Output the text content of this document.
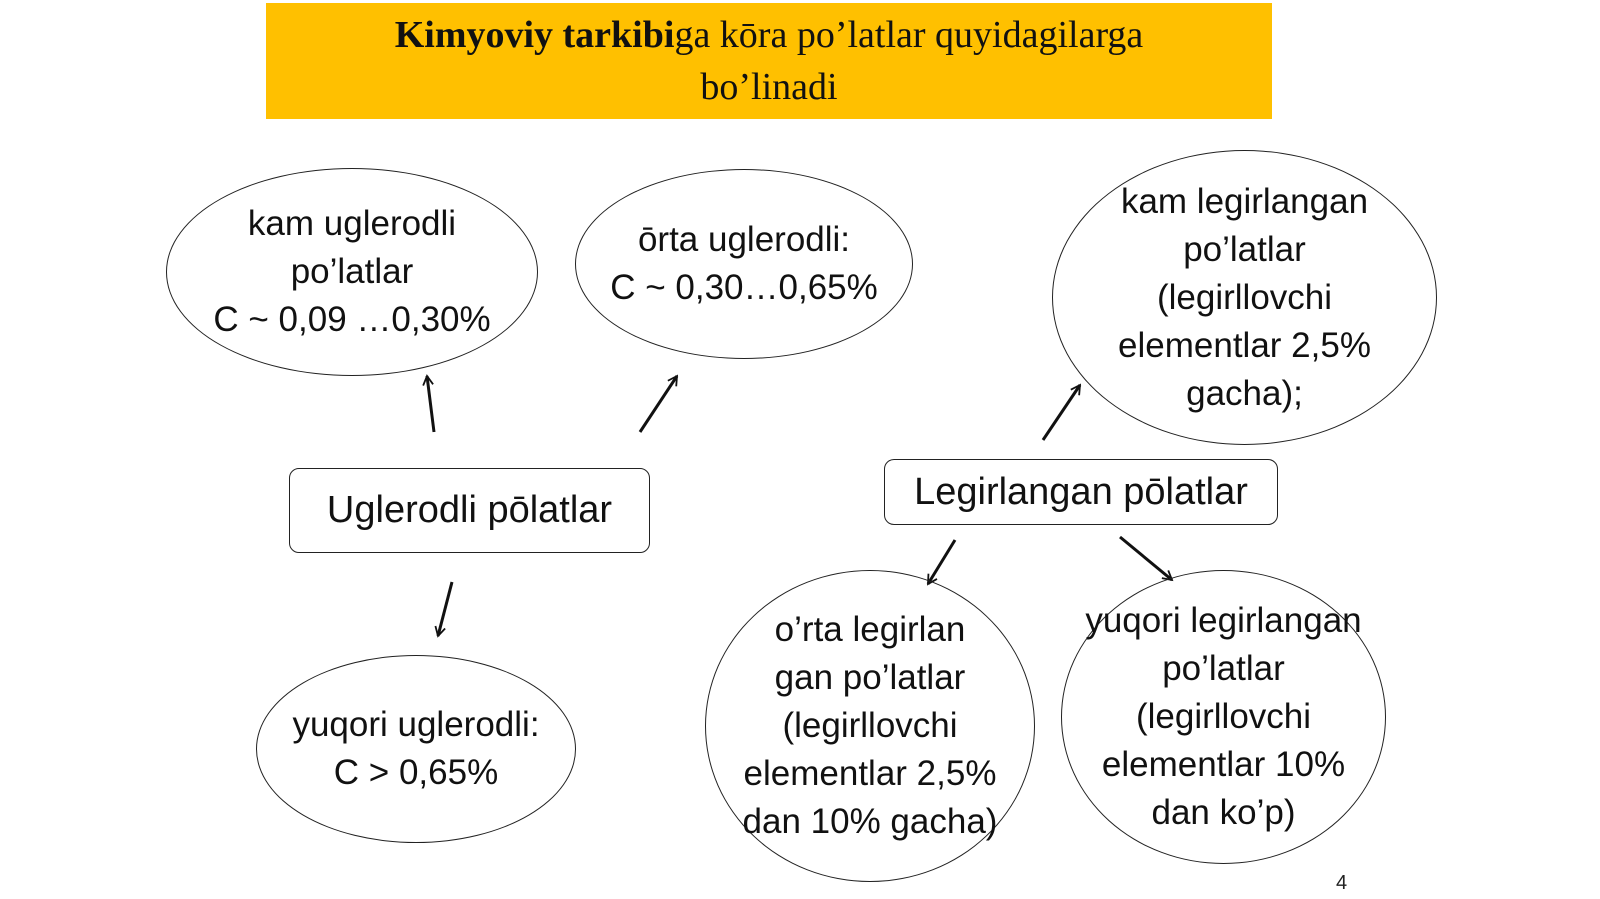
Kimyoviy tarkibiga kōra po’latlar quyidagilarga
bo’linadi
Uglerodli pōlatlar
kam uglerodli
po’latlar
C ~ 0,09 …0,30%
ōrta uglerodli:
C ~ 0,30…0,65%
yuqori uglerodli:
C > 0,65%
Legirlangan pōlatlar
kam legirlangan
po’latlar
(legirllovchi
elementlar 2,5%
gacha);
o’rta legirlan
gan po’latlar
(legirllovchi
elementlar 2,5%
dan 10% gacha)
yuqori legirlangan
po’latlar
(legirllovchi
elementlar 10%
dan ko’p)
4
